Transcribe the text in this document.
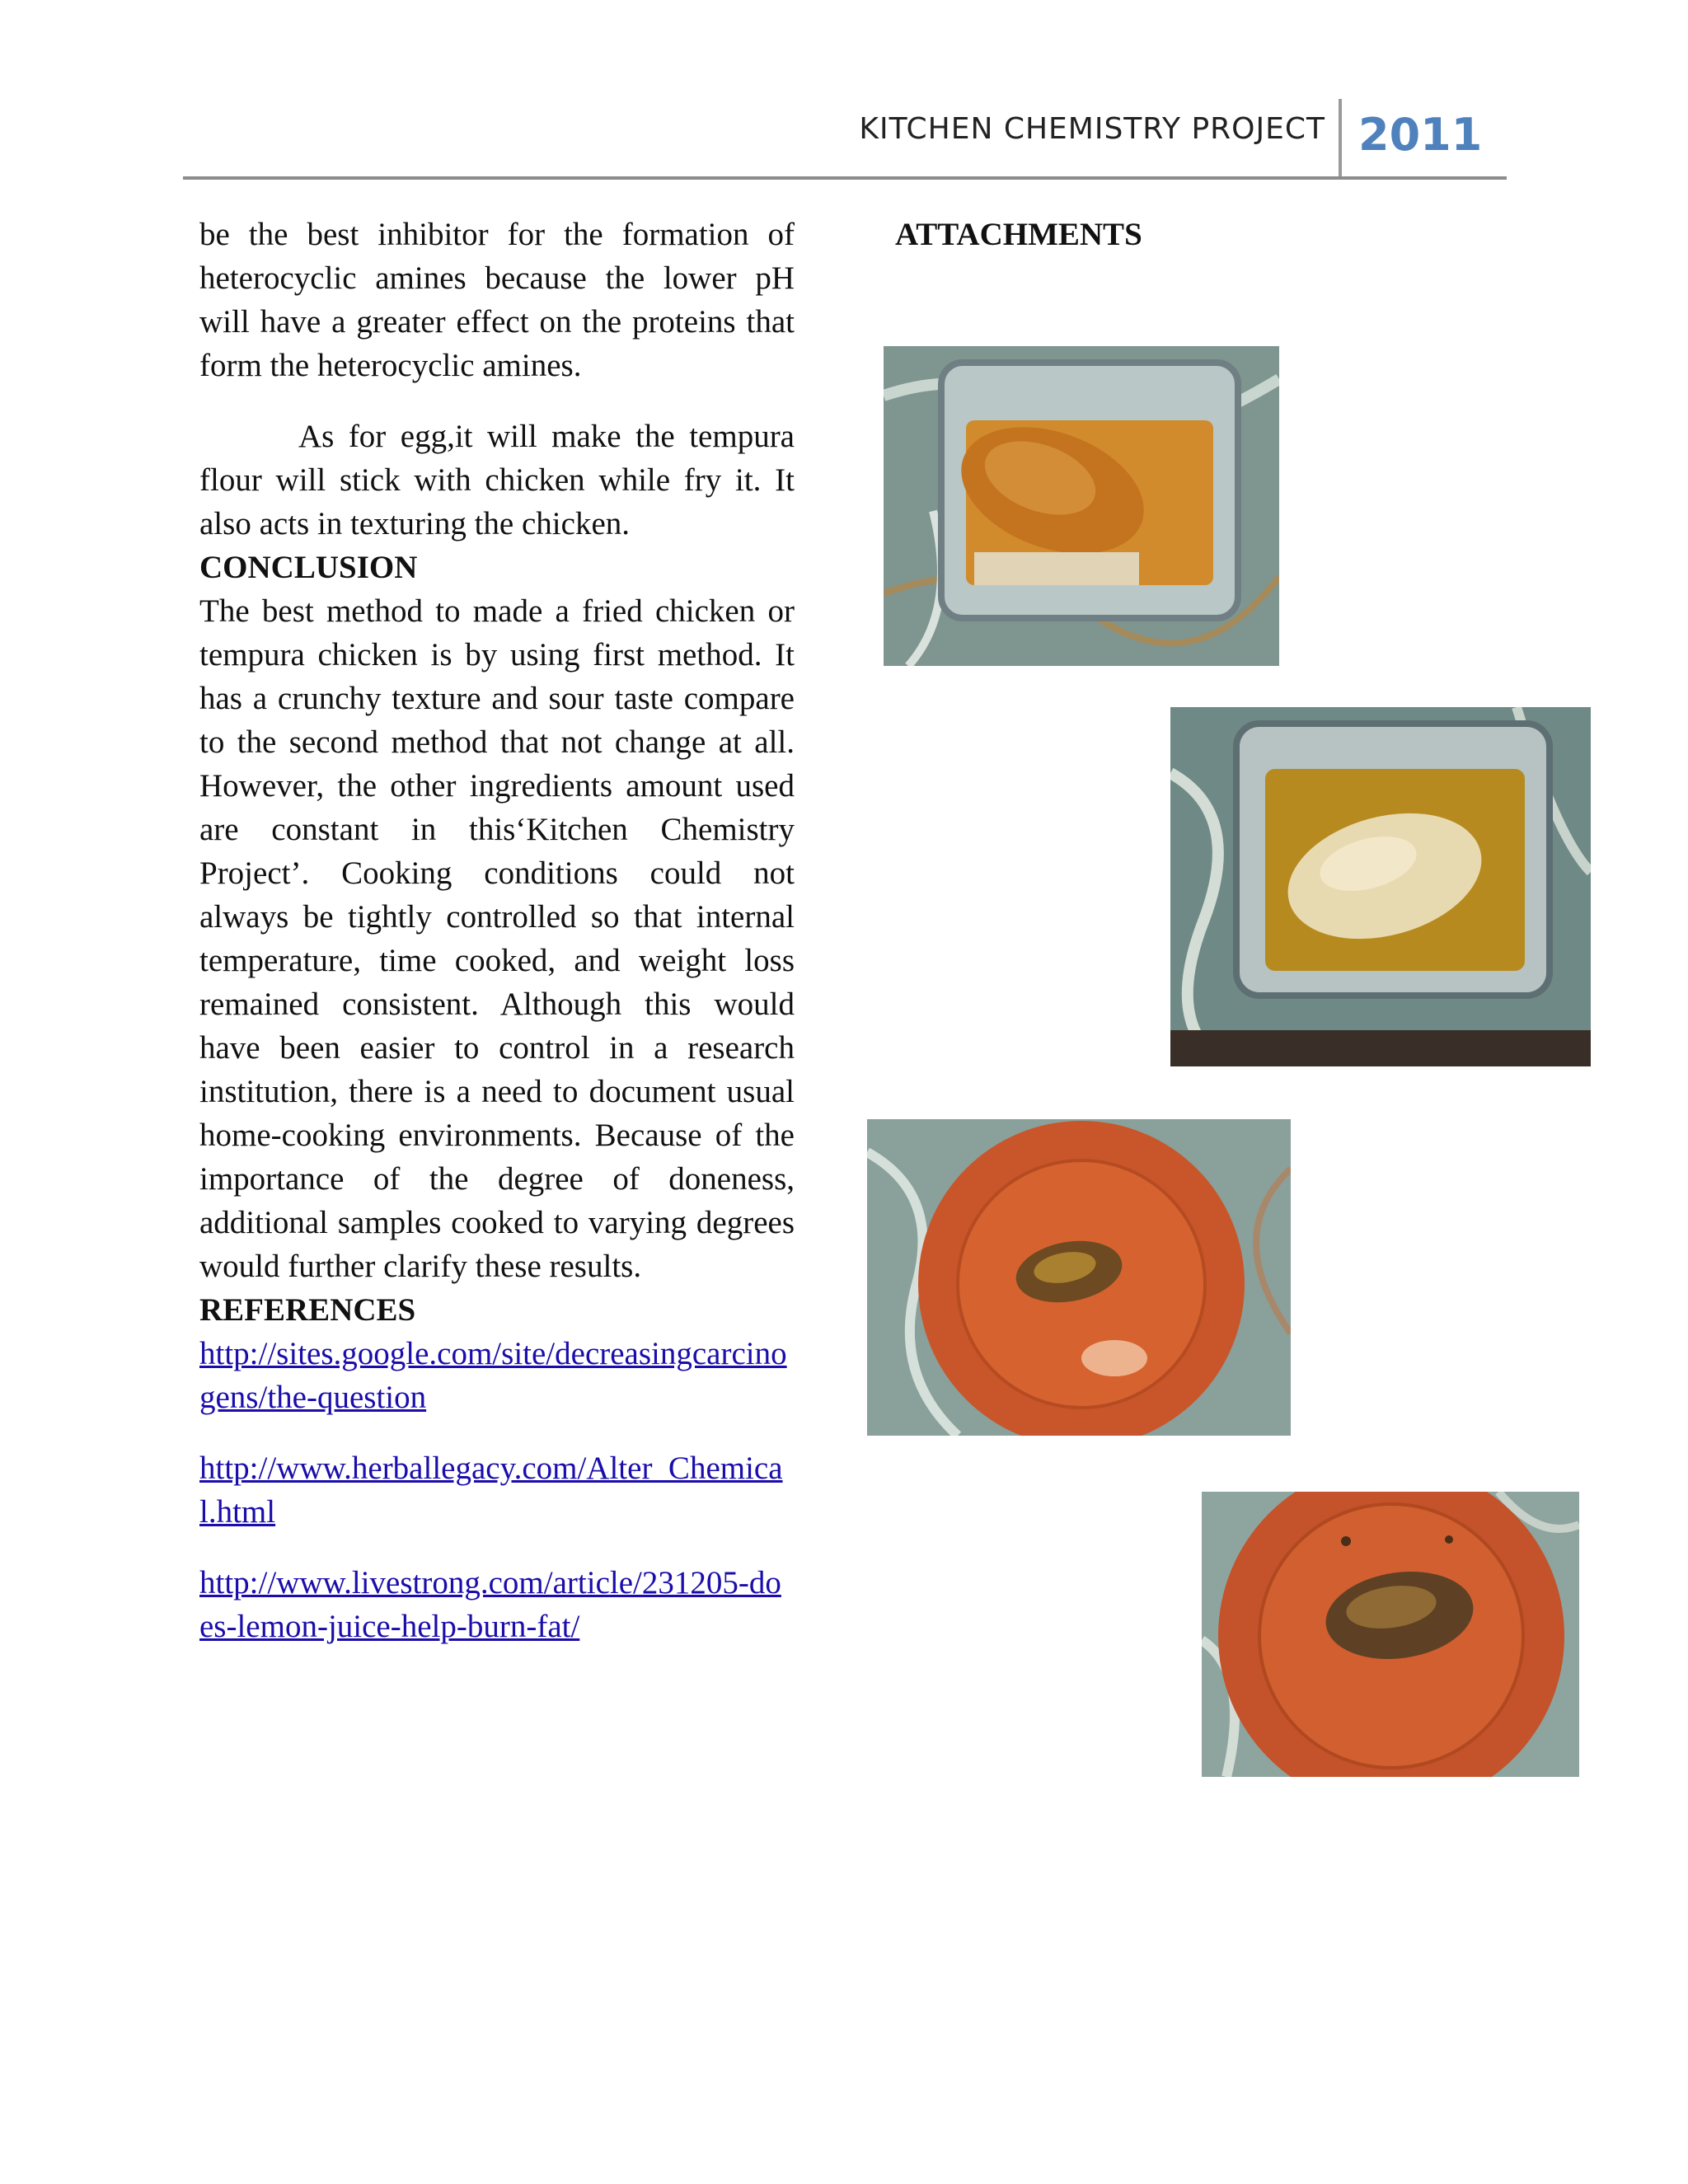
KITCHEN CHEMISTRY PROJECT 2011

be the best inhibitor for the formation of heterocyclic amines because the lower pH will have a greater effect on the proteins that form the heterocyclic amines.

As for egg,it will make the tempura flour will stick with chicken while fry it. It also acts in texturing the chicken.

CONCLUSION

The best method to made a fried chicken or tempura chicken is by using first method. It has a crunchy texture and sour taste compare to the second method that not change at all. However, the other ingredients amount used are constant in this‘Kitchen Chemistry Project’. Cooking conditions could not always be tightly controlled so that internal temperature, time cooked, and weight loss remained consistent. Although this would have been easier to control in a research institution, there is a need to document usual home-cooking environments. Because of the importance of the degree of doneness, additional samples cooked to varying degrees would further clarify these results.

REFERENCES

http://sites.google.com/site/decreasingcarcinogens/the-question
http://www.herballegacy.com/Alter_Chemical.html
http://www.livestrong.com/article/231205-does-lemon-juice-help-burn-fat/
ATTACHMENTS
